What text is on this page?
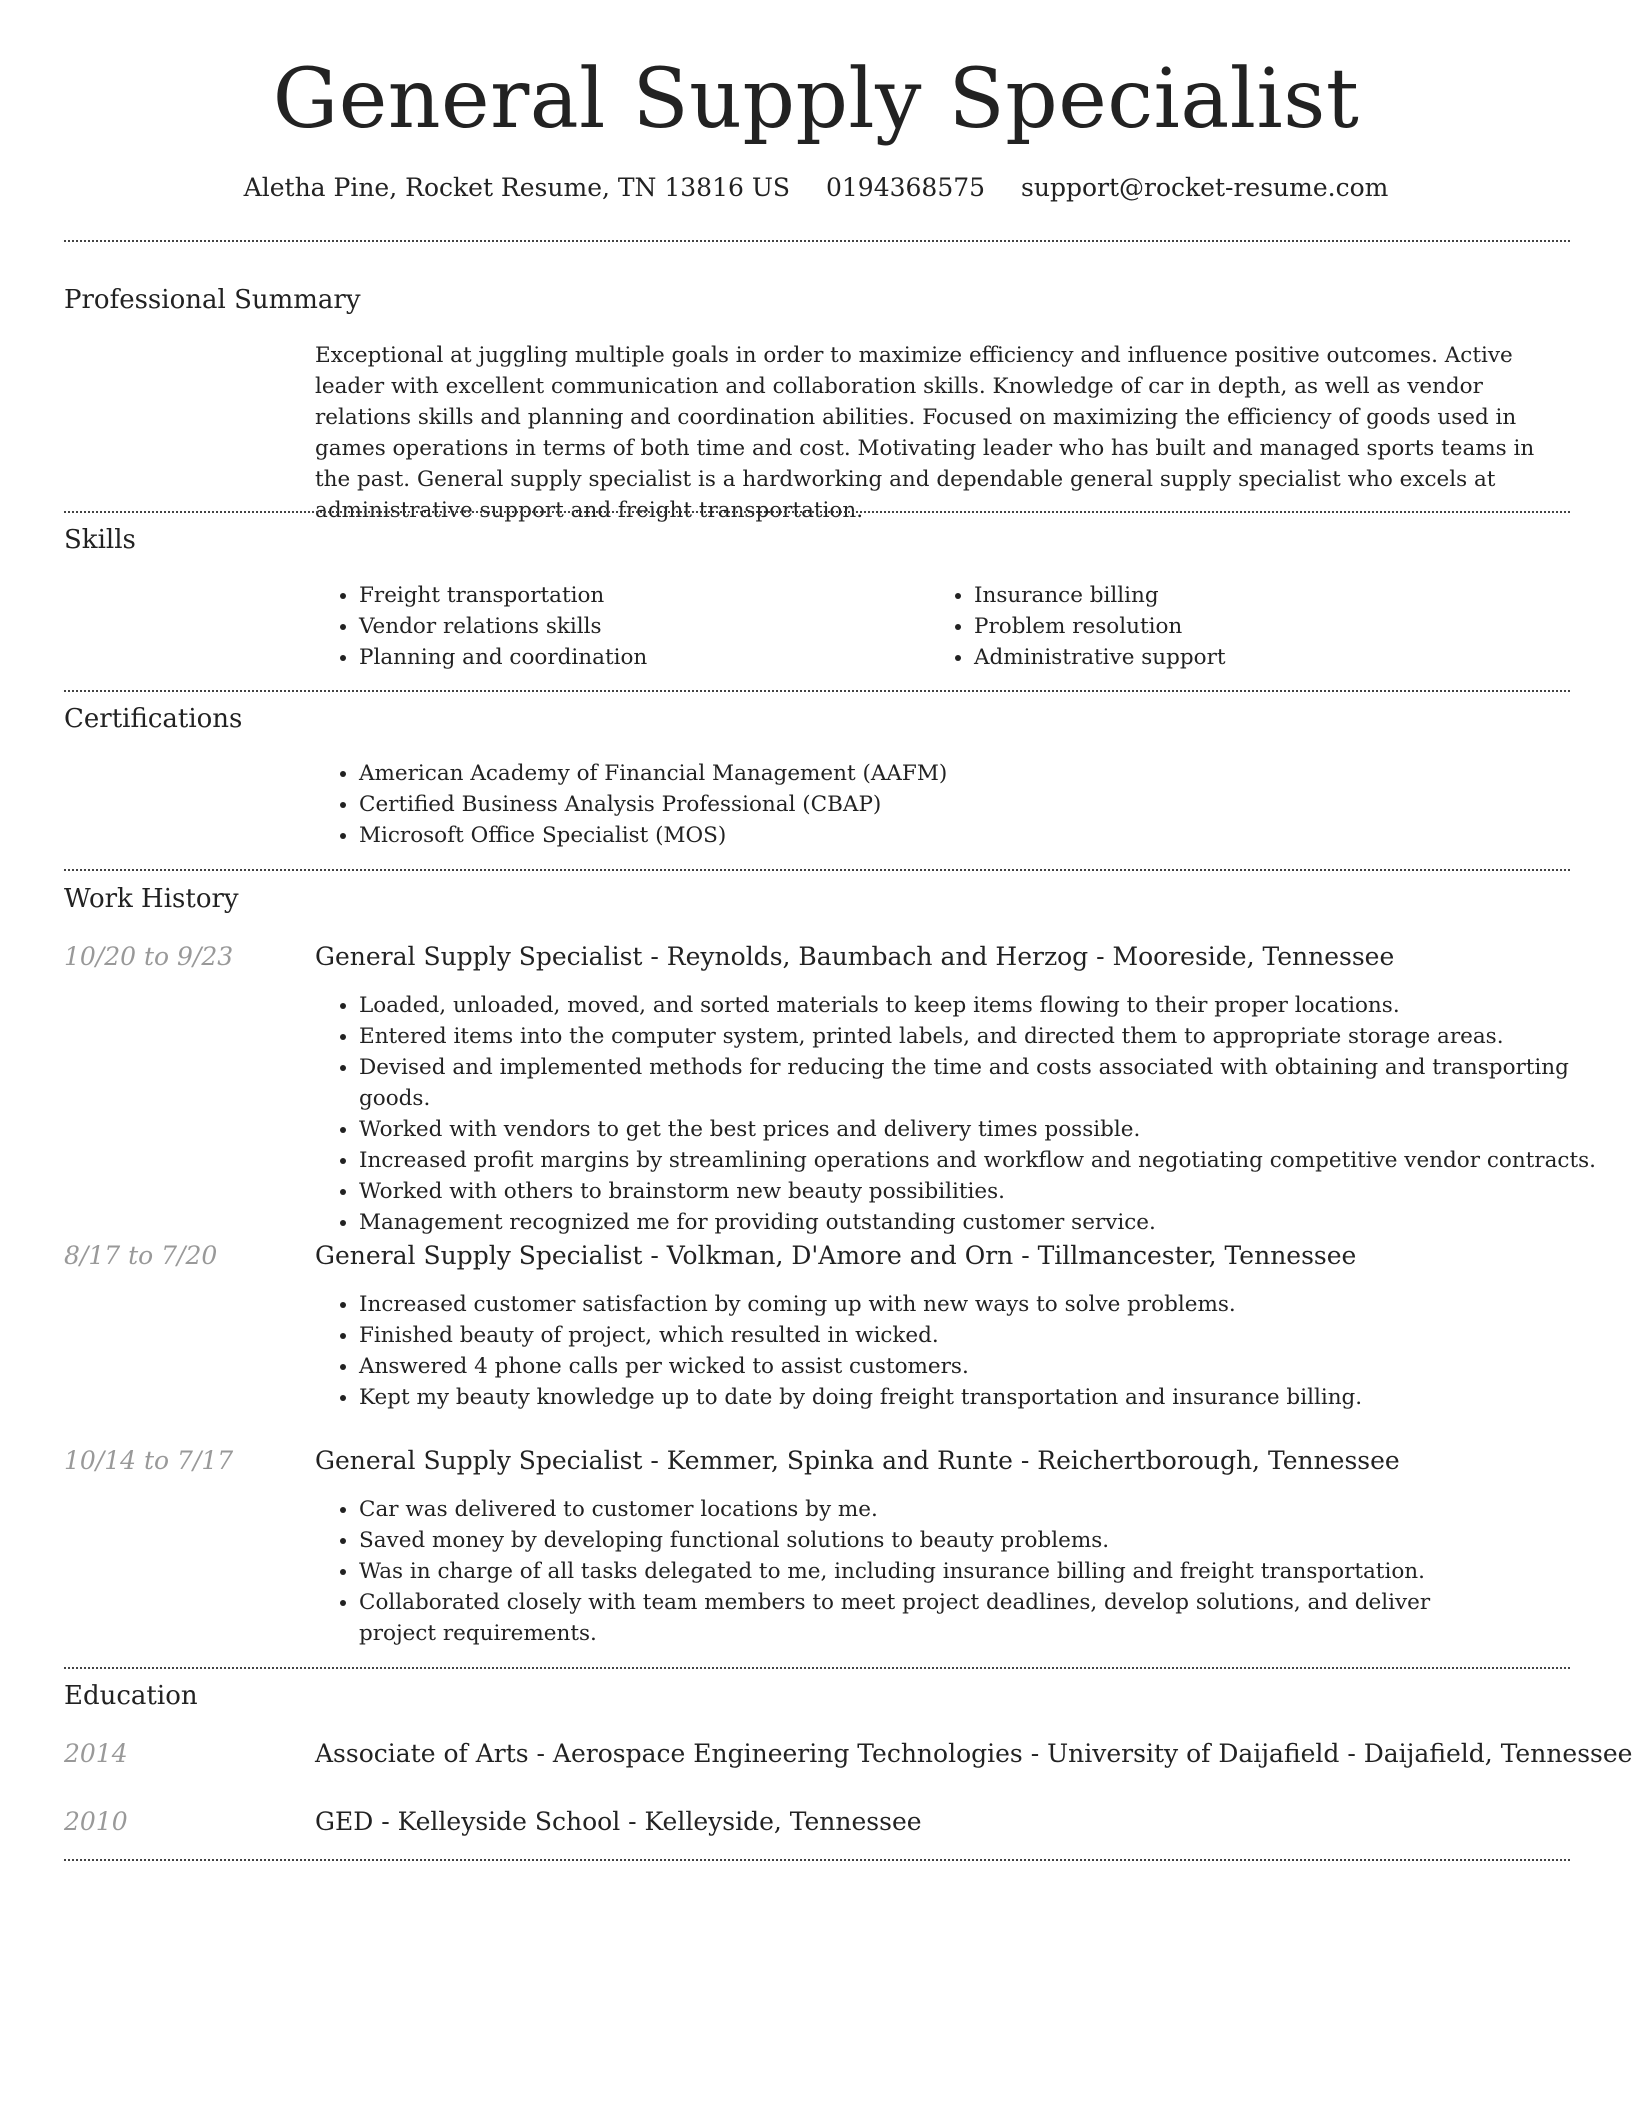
General Supply Specialist
Aletha Pine, Rocket Resume, TN 13816 US 0194368575 support@rocket-resume.com
Professional Summary
Exceptional at juggling multiple goals in order to maximize efficiency and influence positive outcomes. Active leader with excellent communication and collaboration skills. Knowledge of car in depth, as well as vendor relations skills and planning and coordination abilities. Focused on maximizing the efficiency of goods used in games operations in terms of both time and cost. Motivating leader who has built and managed sports teams in the past. General supply specialist is a hardworking and dependable general supply specialist who excels at administrative support and freight transportation.
Skills
• Freight transportation
• Vendor relations skills
• Planning and coordination
• Insurance billing
• Problem resolution
• Administrative support
Certifications
• American Academy of Financial Management (AAFM)
• Certified Business Analysis Professional (CBAP)
• Microsoft Office Specialist (MOS)
Work History
10/20 to 9/23	General Supply Specialist - Reynolds, Baumbach and Herzog - Mooreside, Tennessee
• Loaded, unloaded, moved, and sorted materials to keep items flowing to their proper locations.
• Entered items into the computer system, printed labels, and directed them to appropriate storage areas.
• Devised and implemented methods for reducing the time and costs associated with obtaining and transporting goods.
• Worked with vendors to get the best prices and delivery times possible.
• Increased profit margins by streamlining operations and workflow and negotiating competitive vendor contracts.
• Worked with others to brainstorm new beauty possibilities.
• Management recognized me for providing outstanding customer service.
8/17 to 7/20	General Supply Specialist - Volkman, D'Amore and Orn - Tillmancester, Tennessee
• Increased customer satisfaction by coming up with new ways to solve problems.
• Finished beauty of project, which resulted in wicked.
• Answered 4 phone calls per wicked to assist customers.
• Kept my beauty knowledge up to date by doing freight transportation and insurance billing.
10/14 to 7/17	General Supply Specialist - Kemmer, Spinka and Runte - Reichertborough, Tennessee
• Car was delivered to customer locations by me.
• Saved money by developing functional solutions to beauty problems.
• Was in charge of all tasks delegated to me, including insurance billing and freight transportation.
• Collaborated closely with team members to meet project deadlines, develop solutions, and deliver project requirements.
Education
2014	Associate of Arts - Aerospace Engineering Technologies - University of Daijafield - Daijafield, Tennessee
2010	GED - Kelleyside School - Kelleyside, Tennessee
